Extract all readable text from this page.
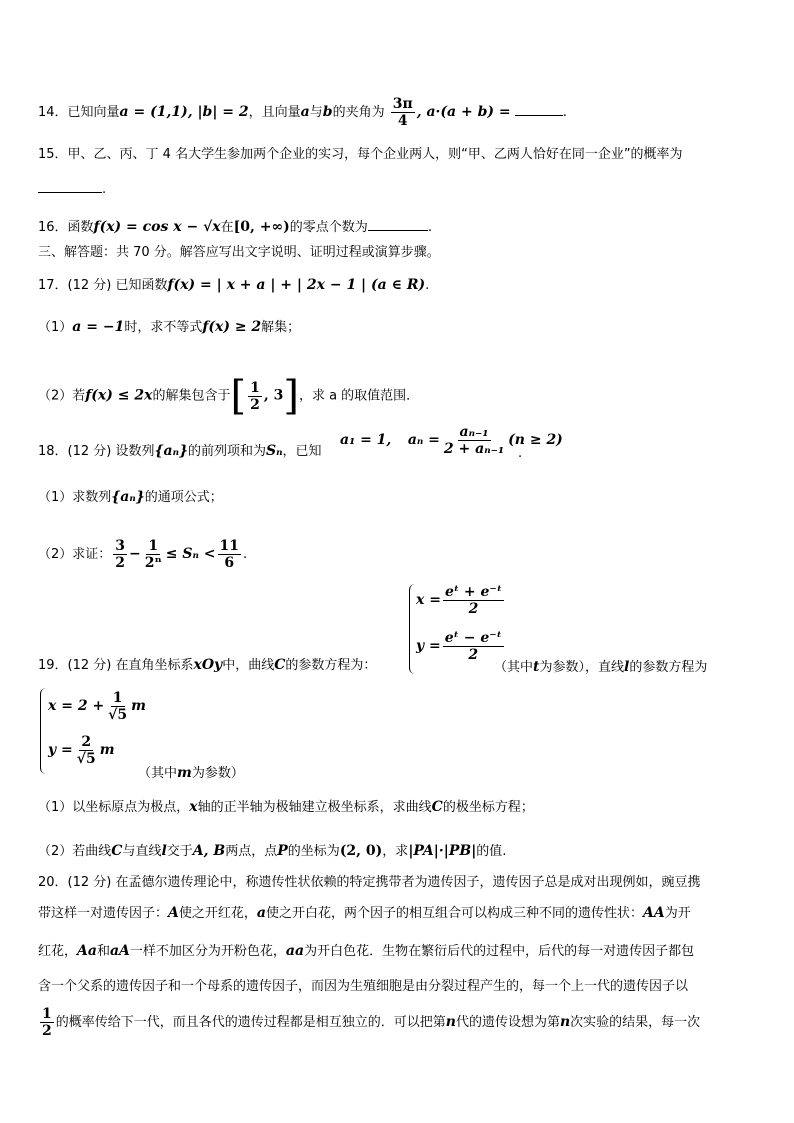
14．已知向量a = (1,1), |b| = 2，且向量a与b的夹角为 $\frac{3\pi}{4}$ , a·(a + b) =	.
15．甲、乙、丙、丁 4 名大学生参加两个企业的实习，每个企业两人，则“甲、乙两人恰好在同一企业”的概率为
.
16．函数f(x) = cos x − √x在[0, +∞)的零点个数为	.
三、解答题：共 70 分。解答应写出文字说明、证明过程或演算步骤。
17．(12 分) 已知函数f(x) = | x + a | + | 2x − 1 | (a ∈ R).
（1）a = −1时，求不等式f(x) ≥ 2解集；
（2）若f(x) ≤ 2x的解集包含于[ $\frac{1}{2}$ , 3]，求 a 的取值范围．
18．(12 分) 设数列{aₙ}的前列项和为Sₙ，已知
a₁ = 1, $a_n = \frac{\text{aₙ₋₁}}{\text{2 + aₙ₋₁}} (n \ge 2)$
.
（1）求数列{aₙ}的通项公式；
（2）求证： $\frac{3}{2} - \frac{1}{\text{2ⁿ}} \le S_n < \frac{11}{6}$ .
$x = \frac{\text{eᵗ + e⁻ᵗ}}{2}$
$y = \frac{\text{eᵗ − e⁻ᵗ}}{2}$
19．(12 分) 在直角坐标系xOy中，曲线C的参数方程为：	（其中t为参数），直线l的参数方程为
$x = 2 + \frac{1}{√5}$ m
$y = \frac{2}{√5}$ m
（其中m为参数）
（1）以坐标原点为极点，x轴的正半轴为极轴建立极坐标系，求曲线C的极坐标方程；
（2）若曲线C与直线l交于A, B两点，点P的坐标为(2, 0)，求|PA|·|PB|的值.
20．(12 分) 在孟德尔遗传理论中，称遗传性状依赖的特定携带者为遗传因子，遗传因子总是成对出现例如，豌豆携
带这样一对遗传因子：A使之开红花，a使之开白花，两个因子的相互组合可以构成三种不同的遗传性状：AA为开
红花，Aa和aA一样不加区分为开粉色花，aa为开白色花．生物在繁衍后代的过程中，后代的每一对遗传因子都包
含一个父系的遗传因子和一个母系的遗传因子，而因为生殖细胞是由分裂过程产生的，每一个上一代的遗传因子以
$\frac{1}{2}$ 的概率传给下一代，而且各代的遗传过程都是相互独立的．可以把第n代的遗传设想为第n次实验的结果，每一次
